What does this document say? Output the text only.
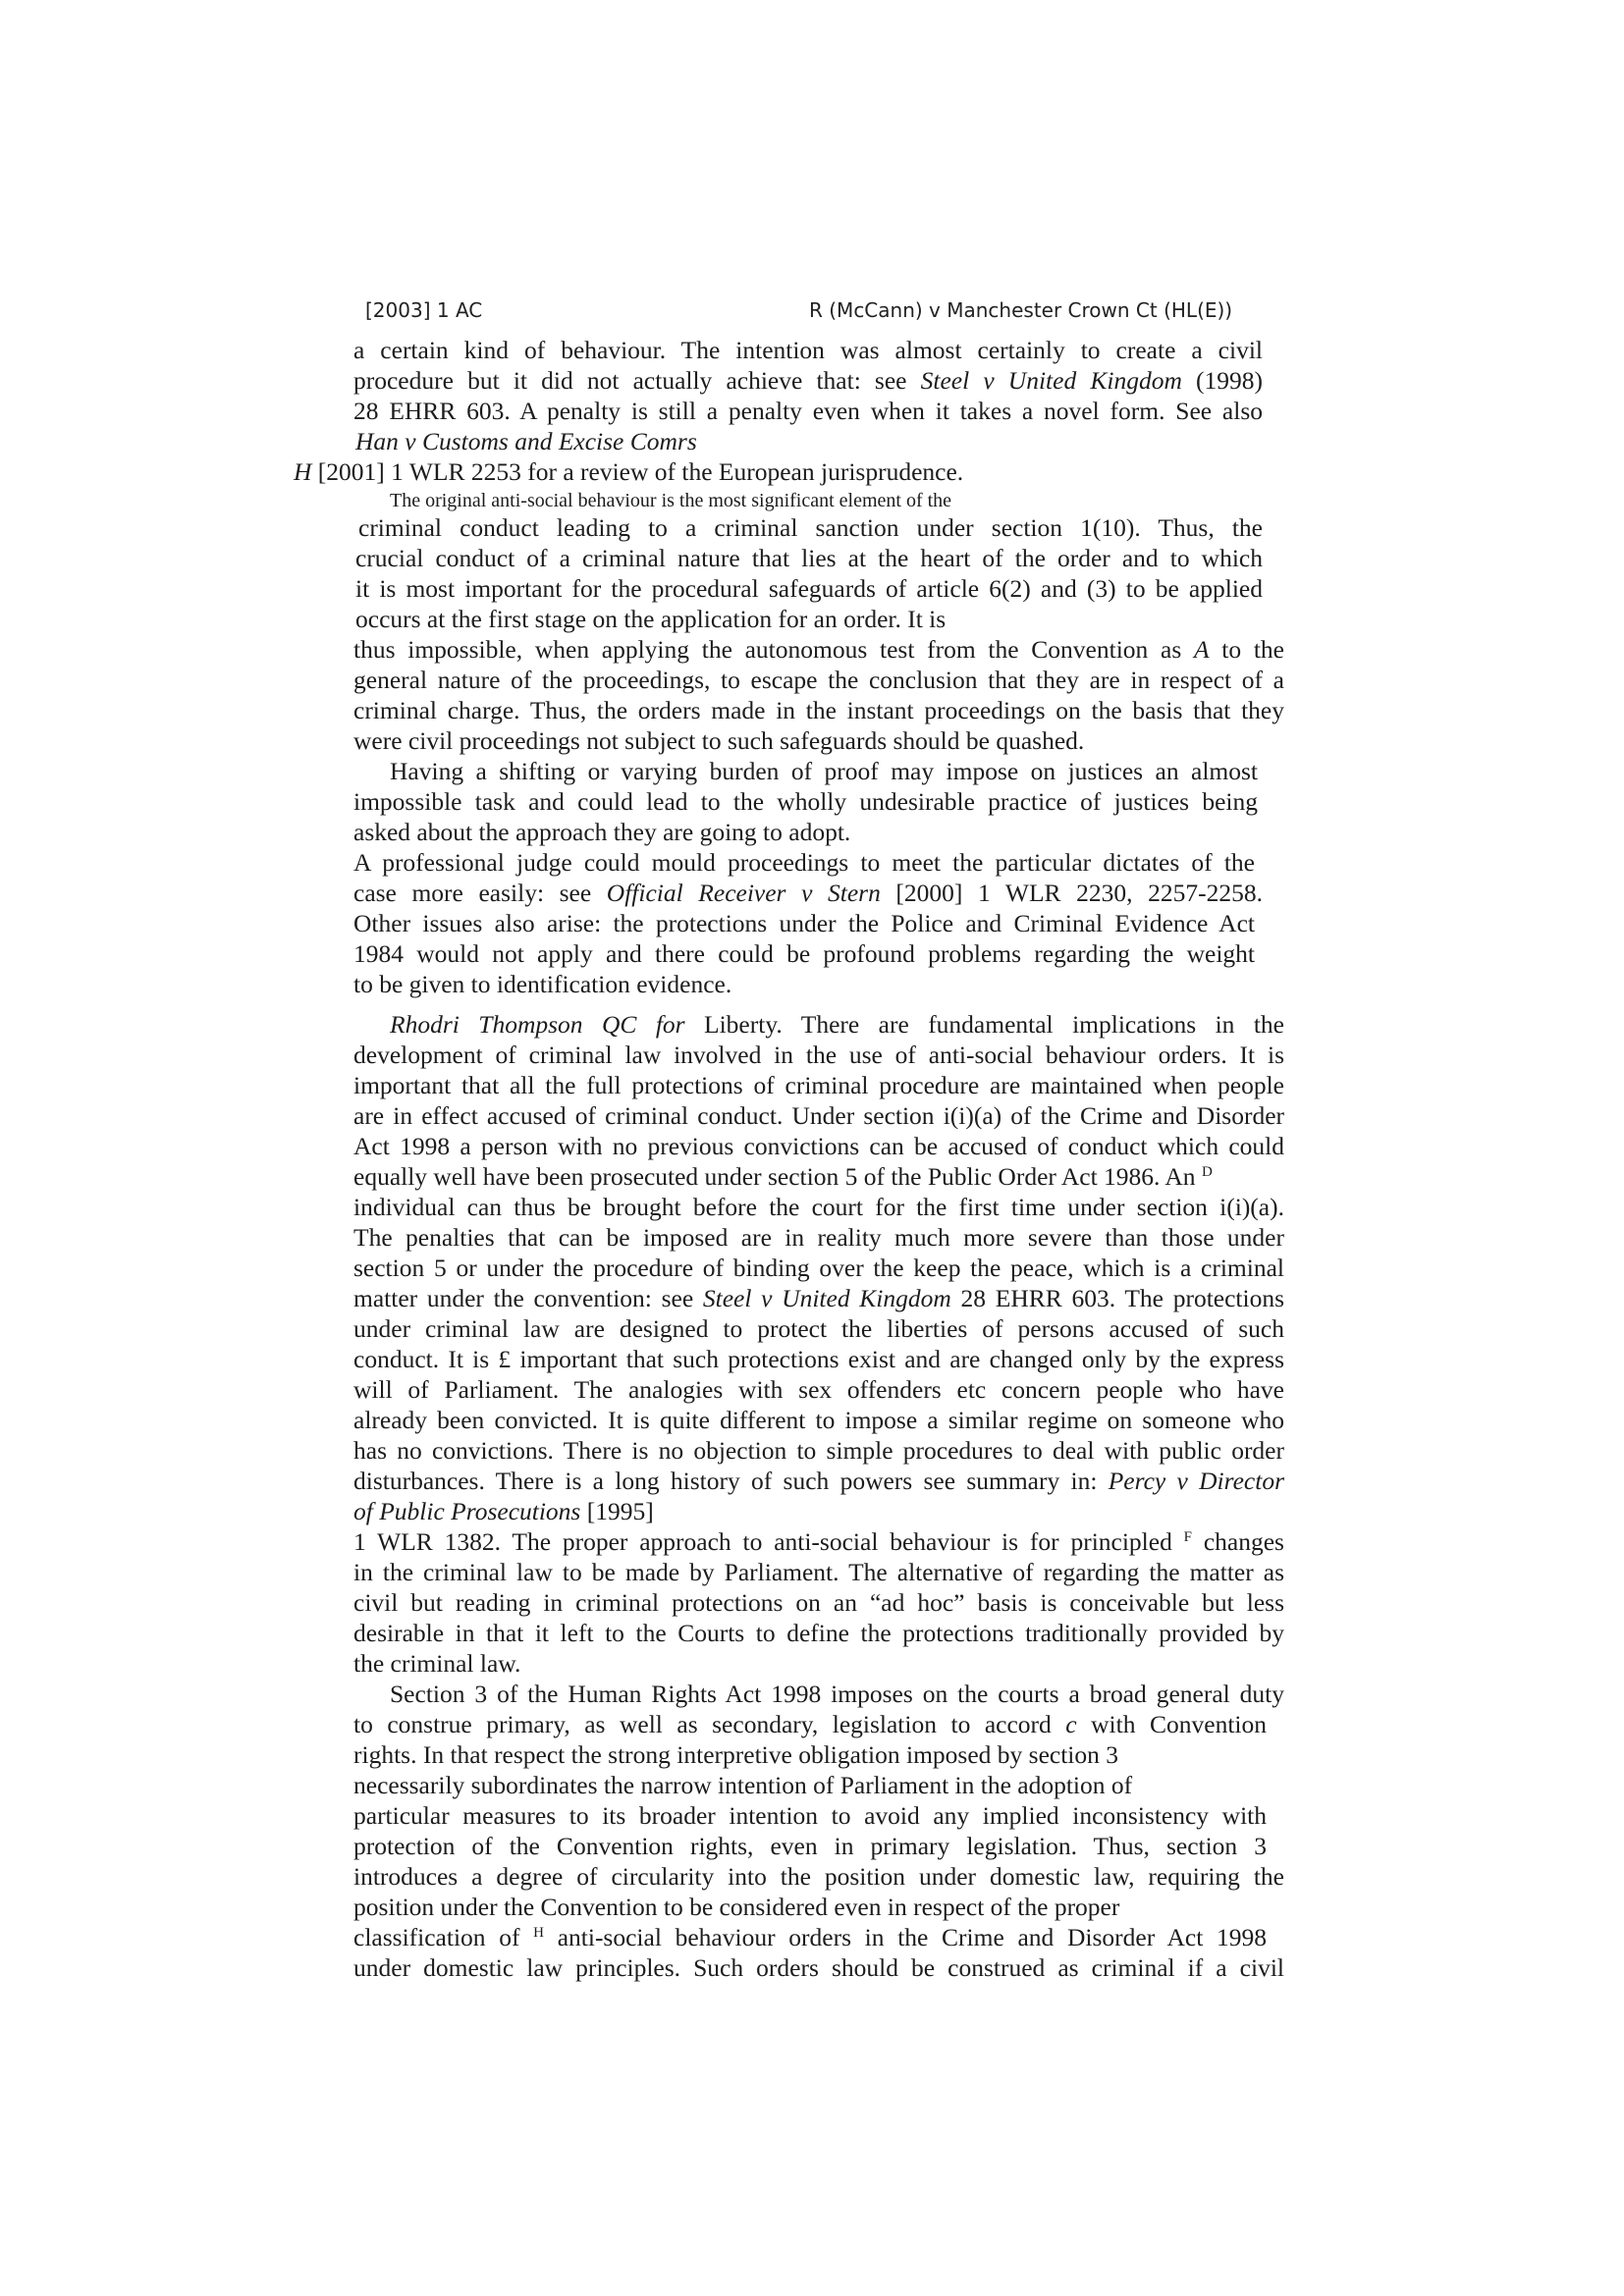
[2003] 1 AC	R (McCann) v Manchester Crown Ct (HL(E))
a certain kind of behaviour. The intention was almost certainly to create a civil
procedure but it did not actually achieve that: see Steel v United Kingdom (1998)
28 EHRR 603. A penalty is still a penalty even when it takes a novel form. See also
Han v Customs and Excise Comrs
H [2001] 1 WLR 2253 for a review of the European jurisprudence.
The original anti-social behaviour is the most significant element of the
criminal conduct leading to a criminal sanction under section 1(10). Thus, the
crucial conduct of a criminal nature that lies at the heart of the order and to which
it is most important for the procedural safeguards of article 6(2) and (3) to be applied
occurs at the first stage on the application for an order. It is
thus impossible, when applying the autonomous test from the Convention as A to the
general nature of the proceedings, to escape the conclusion that they are in respect of a
criminal charge. Thus, the orders made in the instant proceedings on the basis that they
were civil proceedings not subject to such safeguards should be quashed.
Having a shifting or varying burden of proof may impose on justices an almost
impossible task and could lead to the wholly undesirable practice of justices being
asked about the approach they are going to adopt.
A professional judge could mould proceedings to meet the particular dictates of the
case more easily: see Official Receiver v Stern [2000] 1 WLR 2230, 2257-2258.
Other issues also arise: the protections under the Police and Criminal Evidence Act
1984 would not apply and there could be profound problems regarding the weight
to be given to identification evidence.
Rhodri Thompson QC for Liberty. There are fundamental implications in the
development of criminal law involved in the use of anti-social behaviour orders. It is
important that all the full protections of criminal procedure are maintained when people
are in effect accused of criminal conduct. Under section i(i)(a) of the Crime and Disorder
Act 1998 a person with no previous convictions can be accused of conduct which could
equally well have been prosecuted under section 5 of the Public Order Act 1986. An D
individual can thus be brought before the court for the first time under section i(i)(a).
The penalties that can be imposed are in reality much more severe than those under
section 5 or under the procedure of binding over the keep the peace, which is a criminal
matter under the convention: see Steel v United Kingdom 28 EHRR 603. The protections
under criminal law are designed to protect the liberties of persons accused of such
conduct. It is £ important that such protections exist and are changed only by the express
will of Parliament. The analogies with sex offenders etc concern people who have
already been convicted. It is quite different to impose a similar regime on someone who
has no convictions. There is no objection to simple procedures to deal with public order
disturbances. There is a long history of such powers see summary in: Percy v Director
of Public Prosecutions [1995]
1 WLR 1382. The proper approach to anti-social behaviour is for principled F changes
in the criminal law to be made by Parliament. The alternative of regarding the matter as
civil but reading in criminal protections on an “ad hoc” basis is conceivable but less
desirable in that it left to the Courts to define the protections traditionally provided by
the criminal law.
Section 3 of the Human Rights Act 1998 imposes on the courts a broad general duty
to construe primary, as well as secondary, legislation to accord c with Convention
rights. In that respect the strong interpretive obligation imposed by section 3
necessarily subordinates the narrow intention of Parliament in the adoption of
particular measures to its broader intention to avoid any implied inconsistency with
protection of the Convention rights, even in primary legislation. Thus, section 3
introduces a degree of circularity into the position under domestic law, requiring the
position under the Convention to be considered even in respect of the proper
classification of H anti-social behaviour orders in the Crime and Disorder Act 1998
under domestic law principles. Such orders should be construed as criminal if a civil
